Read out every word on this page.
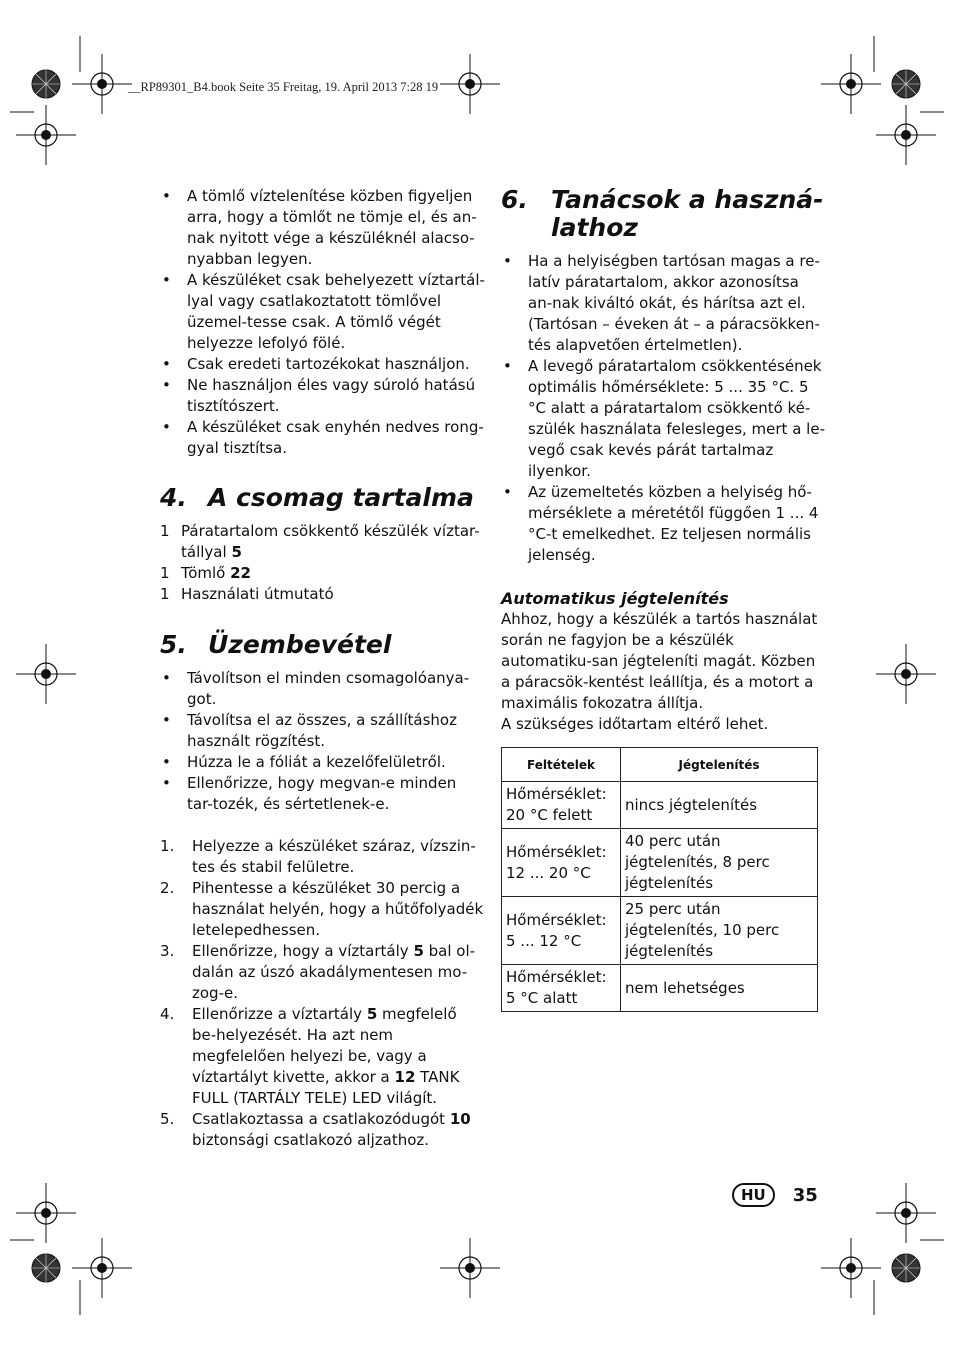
__RP89301_B4.book Seite 35 Freitag, 19. April 2013 7:28 19
• A tömlő víztelenítése közben figyeljen arra, hogy a tömlőt ne tömje el, és an-nak nyitott vége a készüléknél alacso-nyabban legyen.
• A készüléket csak behelyezett víztartál-lyal vagy csatlakoztatott tömlővel üzemel-tesse csak. A tömlő végét helyezze lefolyó fölé.
• Csak eredeti tartozékokat használjon.
• Ne használjon éles vagy súroló hatású tisztítószert.
• A készüléket csak enyhén nedves rong-gyal tisztítsa.
4. A csomag tartalma
1 Páratartalom csökkentő készülék víztar-tállyal 5
1 Tömlő 22
1 Használati útmutató
5. Üzembevétel
• Távolítson el minden csomagolóanya-got.
• Távolítsa el az összes, a szállításhoz használt rögzítést.
• Húzza le a fóliát a kezelőfelületről.
• Ellenőrizze, hogy megvan-e minden tar-tozék, és sértetlenek-e.
1. Helyezze a készüléket száraz, vízszin-tes és stabil felületre.
2. Pihentesse a készüléket 30 percig a használat helyén, hogy a hűtőfolyadék letelepedhessen.
3. Ellenőrizze, hogy a víztartály 5 bal ol-dalán az úszó akadálymentesen mo-zog-e.
4. Ellenőrizze a víztartály 5 megfelelő be-helyezését. Ha azt nem megfelelően helyezi be, vagy a víztartályt kivette, akkor a 12 TANK FULL (TARTÁLY TELE) LED világít.
5. Csatlakoztassa a csatlakozódugót 10 biztonsági csatlakozó aljzathoz.
6. Tanácsok a haszná-lathoz
• Ha a helyiségben tartósan magas a re-latív páratartalom, akkor azonosítsa an-nak kiváltó okát, és hárítsa azt el. (Tartósan – éveken át – a páracsökken-tés alapvetően értelmetlen).
• A levegő páratartalom csökkentésének optimális hőmérséklete: 5 ... 35 °C. 5 °C alatt a páratartalom csökkentő ké-szülék használata felesleges, mert a le-vegő csak kevés párát tartalmaz ilyenkor.
• Az üzemeltetés közben a helyiség hő-mérséklete a méretétől függően 1 ... 4 °C-t emelkedhet. Ez teljesen normális jelenség.
Automatikus jégtelenítés
Ahhoz, hogy a készülék a tartós használat során ne fagyjon be a készülék automatiku-san jégteleníti magát. Közben a páracsök-kentést leállítja, és a motort a maximális fokozatra állítja.
A szükséges időtartam eltérő lehet.
Feltételek	Jégtelenítés
Hőmérséklet: 20 °C felett	nincs jégtelenítés
Hőmérséklet: 12 ... 20 °C	40 perc után jégtelenítés, 8 perc jégtelenítés
Hőmérséklet: 5 ... 12 °C	25 perc után jégtelenítés, 10 perc jégtelenítés
Hőmérséklet: 5 °C alatt	nem lehetséges
HU	35
